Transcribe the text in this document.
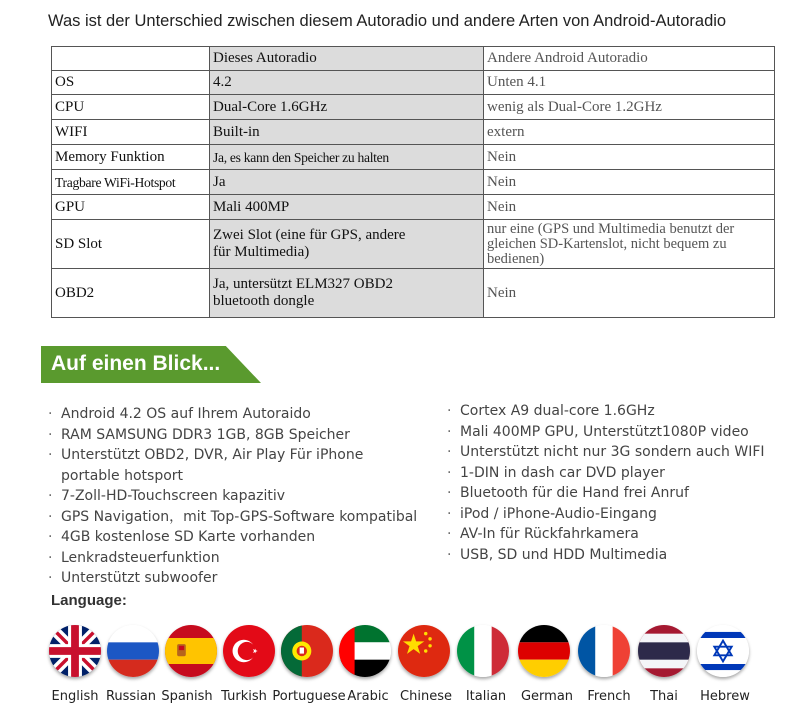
Was ist der Unterschied zwischen diesem Autoradio und andere Arten von Android-Autoradio
	Dieses Autoradio	Andere Android Autoradio
OS	4.2	Unten 4.1
CPU	Dual-Core 1.6GHz	wenig als Dual-Core 1.2GHz
WIFI	Built-in	extern
Memory Funktion	Ja, es kann den Speicher zu halten	Nein
Tragbare WiFi-Hotspot	Ja	Nein
GPU	Mali 400MP	Nein
SD Slot	Zwei Slot (eine für GPS, andere für Multimedia)	nur eine (GPS und Multimedia benutzt der gleichen SD-Kartenslot, nicht bequem zu bedienen)
OBD2	Ja, untersützt ELM327 OBD2 bluetooth dongle	Nein
Auf einen Blick...
· Android 4.2 OS auf Ihrem Autoraido
· RAM SAMSUNG DDR3 1GB, 8GB Speicher
· Unterstützt OBD2, DVR, Air Play Für iPhone
portable hotsport
· 7-Zoll-HD-Touchscreen kapazitiv
· GPS Navigation，mit Top-GPS-Software kompatibal
· 4GB kostenlose SD Karte vorhanden
· Lenkradsteuerfunktion
· Unterstützt subwoofer
· Cortex A9 dual-core 1.6GHz
· Mali 400MP GPU, Unterstützt1080P video
· Unterstützt nicht nur 3G sondern auch WIFI
· 1-DIN in dash car DVD player
· Bluetooth für die Hand frei Anruf
· iPod / iPhone-Audio-Eingang
· AV-In für Rückfahrkamera
· USB, SD und HDD Multimedia
Language:
English Russian Spanish Turkish Portuguese Arabic Chinese Italian German French Thai Hebrew
